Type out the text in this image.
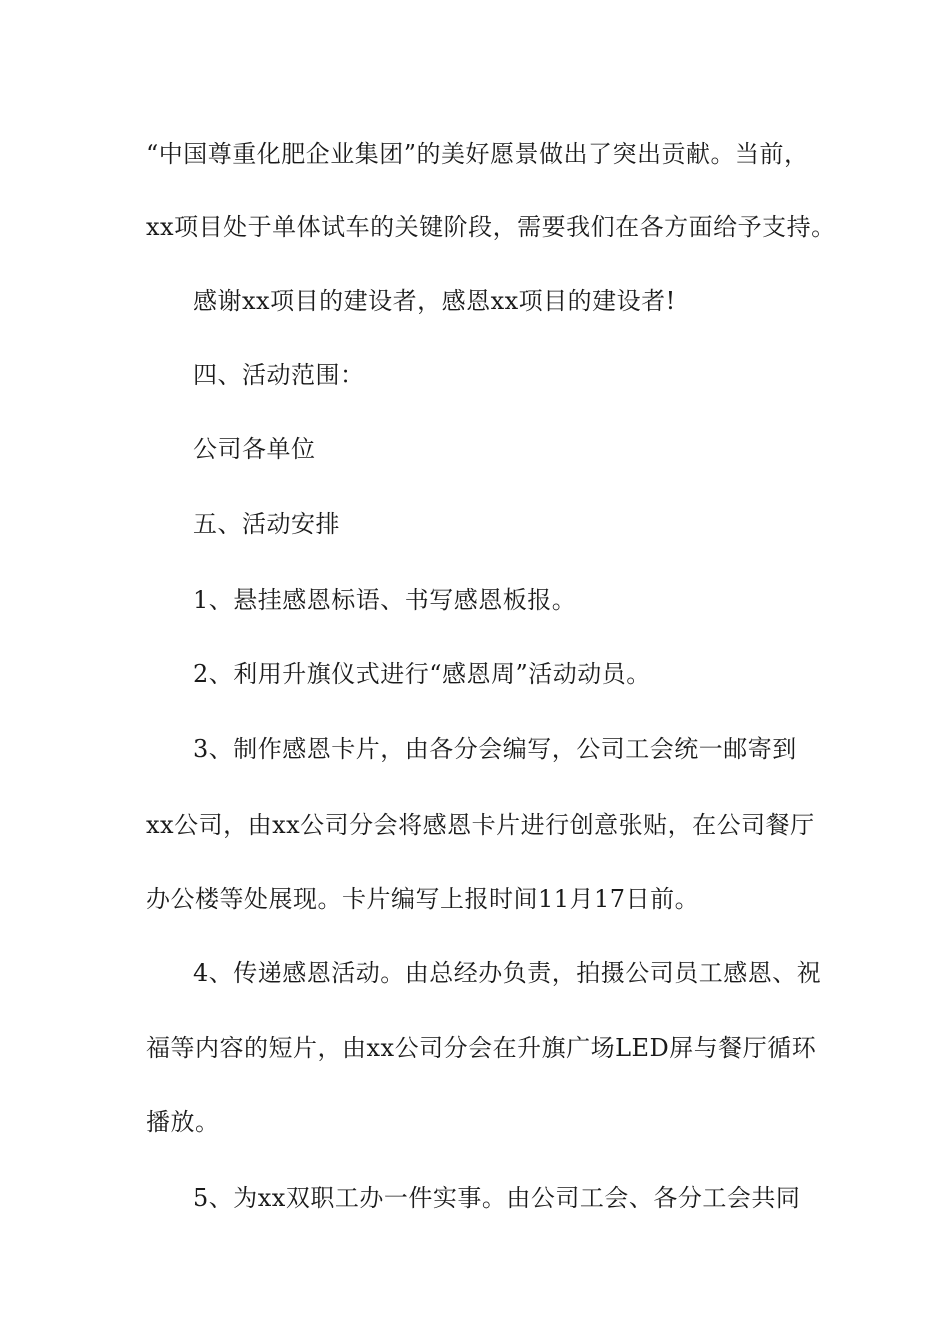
“中国尊重化肥企业集团”的美好愿景做出了突出贡献。当前，
xx项目处于单体试车的关键阶段，需要我们在各方面给予支持。
感谢xx项目的建设者，感恩xx项目的建设者!
四、活动范围：
公司各单位
五、活动安排
1、悬挂感恩标语、书写感恩板报。
2、利用升旗仪式进行“感恩周”活动动员。
3、制作感恩卡片，由各分会编写，公司工会统一邮寄到
xx公司，由xx公司分会将感恩卡片进行创意张贴，在公司餐厅
办公楼等处展现。卡片编写上报时间11月17日前。
4、传递感恩活动。由总经办负责，拍摄公司员工感恩、祝
福等内容的短片，由xx公司分会在升旗广场LED屏与餐厅循环
播放。
5、为xx双职工办一件实事。由公司工会、各分工会共同
